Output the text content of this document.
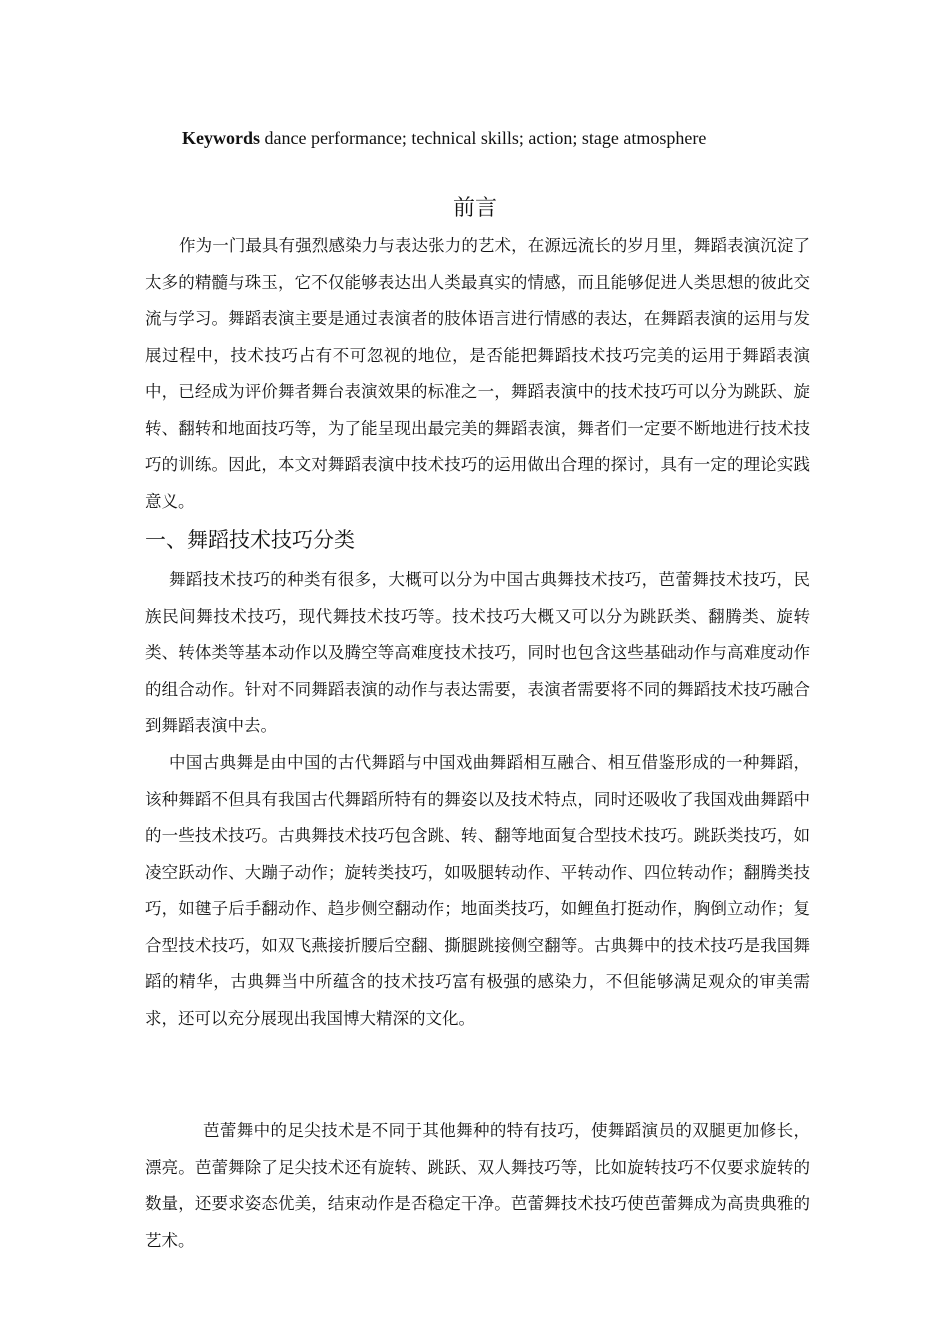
Keywords dance performance; technical skills; action; stage atmosphere
前言

作为一门最具有强烈感染力与表达张力的艺术，在源远流长的岁月里，舞蹈表演沉淀了太多的精髓与珠玉，它不仅能够表达出人类最真实的情感，而且能够促进人类思想的彼此交流与学习。舞蹈表演主要是通过表演者的肢体语言进行情感的表达，在舞蹈表演的运用与发展过程中，技术技巧占有不可忽视的地位，是否能把舞蹈技术技巧完美的运用于舞蹈表演中，已经成为评价舞者舞台表演效果的标准之一，舞蹈表演中的技术技巧可以分为跳跃、旋转、翻转和地面技巧等，为了能呈现出最完美的舞蹈表演，舞者们一定要不断地进行技术技巧的训练。因此，本文对舞蹈表演中技术技巧的运用做出合理的探讨，具有一定的理论实践意义。

一、舞蹈技术技巧分类

舞蹈技术技巧的种类有很多，大概可以分为中国古典舞技术技巧，芭蕾舞技术技巧，民族民间舞技术技巧，现代舞技术技巧等。技术技巧大概又可以分为跳跃类、翻腾类、旋转类、转体类等基本动作以及腾空等高难度技术技巧，同时也包含这些基础动作与高难度动作的组合动作。针对不同舞蹈表演的动作与表达需要，表演者需要将不同的舞蹈技术技巧融合到舞蹈表演中去。

中国古典舞是由中国的古代舞蹈与中国戏曲舞蹈相互融合、相互借鉴形成的一种舞蹈，该种舞蹈不但具有我国古代舞蹈所特有的舞姿以及技术特点，同时还吸收了我国戏曲舞蹈中的一些技术技巧。古典舞技术技巧包含跳、转、翻等地面复合型技术技巧。跳跃类技巧，如凌空跃动作、大蹦子动作；旋转类技巧，如吸腿转动作、平转动作、四位转动作；翻腾类技巧，如毽子后手翻动作、趋步侧空翻动作；地面类技巧，如鲤鱼打挺动作，胸倒立动作；复合型技术技巧，如双飞燕接折腰后空翻、撕腿跳接侧空翻等。古典舞中的技术技巧是我国舞蹈的精华，古典舞当中所蕴含的技术技巧富有极强的感染力，不但能够满足观众的审美需求，还可以充分展现出我国博大精深的文化。

芭蕾舞中的足尖技术是不同于其他舞种的特有技巧，使舞蹈演员的双腿更加修长，漂亮。芭蕾舞除了足尖技术还有旋转、跳跃、双人舞技巧等，比如旋转技巧不仅要求旋转的数量，还要求姿态优美，结束动作是否稳定干净。芭蕾舞技术技巧使芭蕾舞成为高贵典雅的艺术。
